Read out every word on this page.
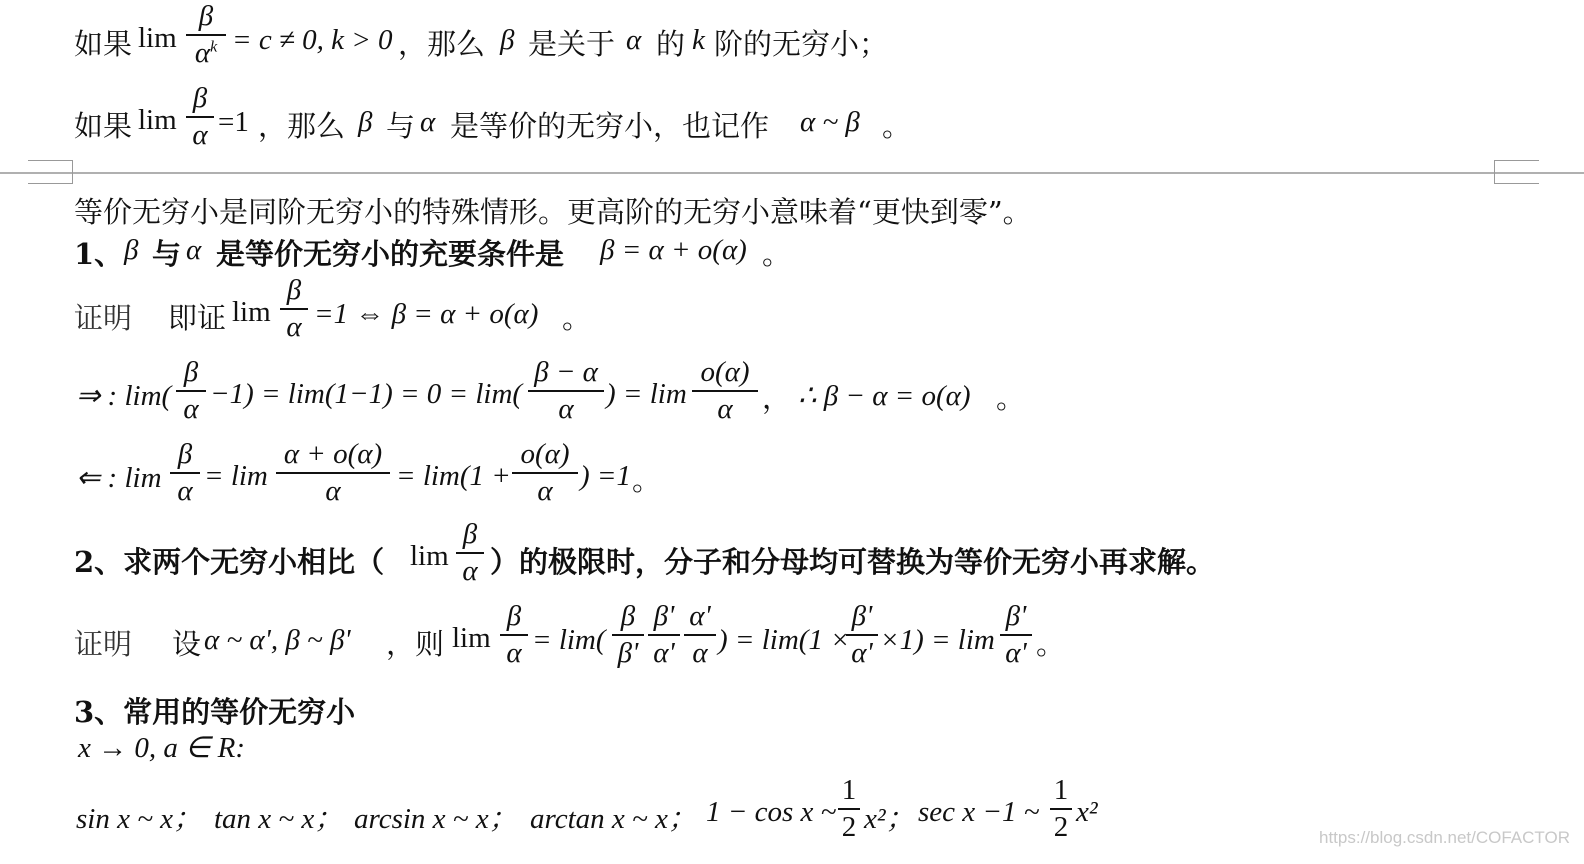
如果 lim
β
$\alpha^k = c \ne 0$, k > 0 ，那么 β 是关于 α 的 k 阶的无穷小；
如果 lim
β
α =1 ，那么 β 与 α 是等价的无穷小，也记作 α ~ β 。
等价无穷小是同阶无穷小的特殊情形。更高阶的无穷小意味着“更快到零”。
1、 β 与 α 是等价无穷小的充要条件是 β = α + o(α) 。
证明 即证 lim
β
α =1 ⇔ β = α + o(α) 。
⇒ : lim(
β
α −1) = lim(1−1) = 0 = lim(
β − α
α	) = lim
o(α)
α	， ∴ β − α = o(α) 。
⇐ : lim
β
α = lim
α + o(α)
α	= lim(1 +
o(α)
α ) =1 。
2、求两个无穷小相比（ lim
β
α ）的极限时，分子和分母均可替换为等价无穷小再求解。
证明 设 α ~ α', β ~ β' ，则 lim
β
α = lim(
β
β'
β'
α'
α'
α ) = lim(1 ×
β'
α' ×1) = lim
β'
α' 。
3、常用的等价无穷小
x → 0, a ∈ R:
sin x ~ x； tan x ~ x； arcsin x ~ x； arctan x ~ x； 1 − cos x ~
1
2 x²； sec x −1 ~
1
2 x²
https://blog.csdn.net/COFACTOR
